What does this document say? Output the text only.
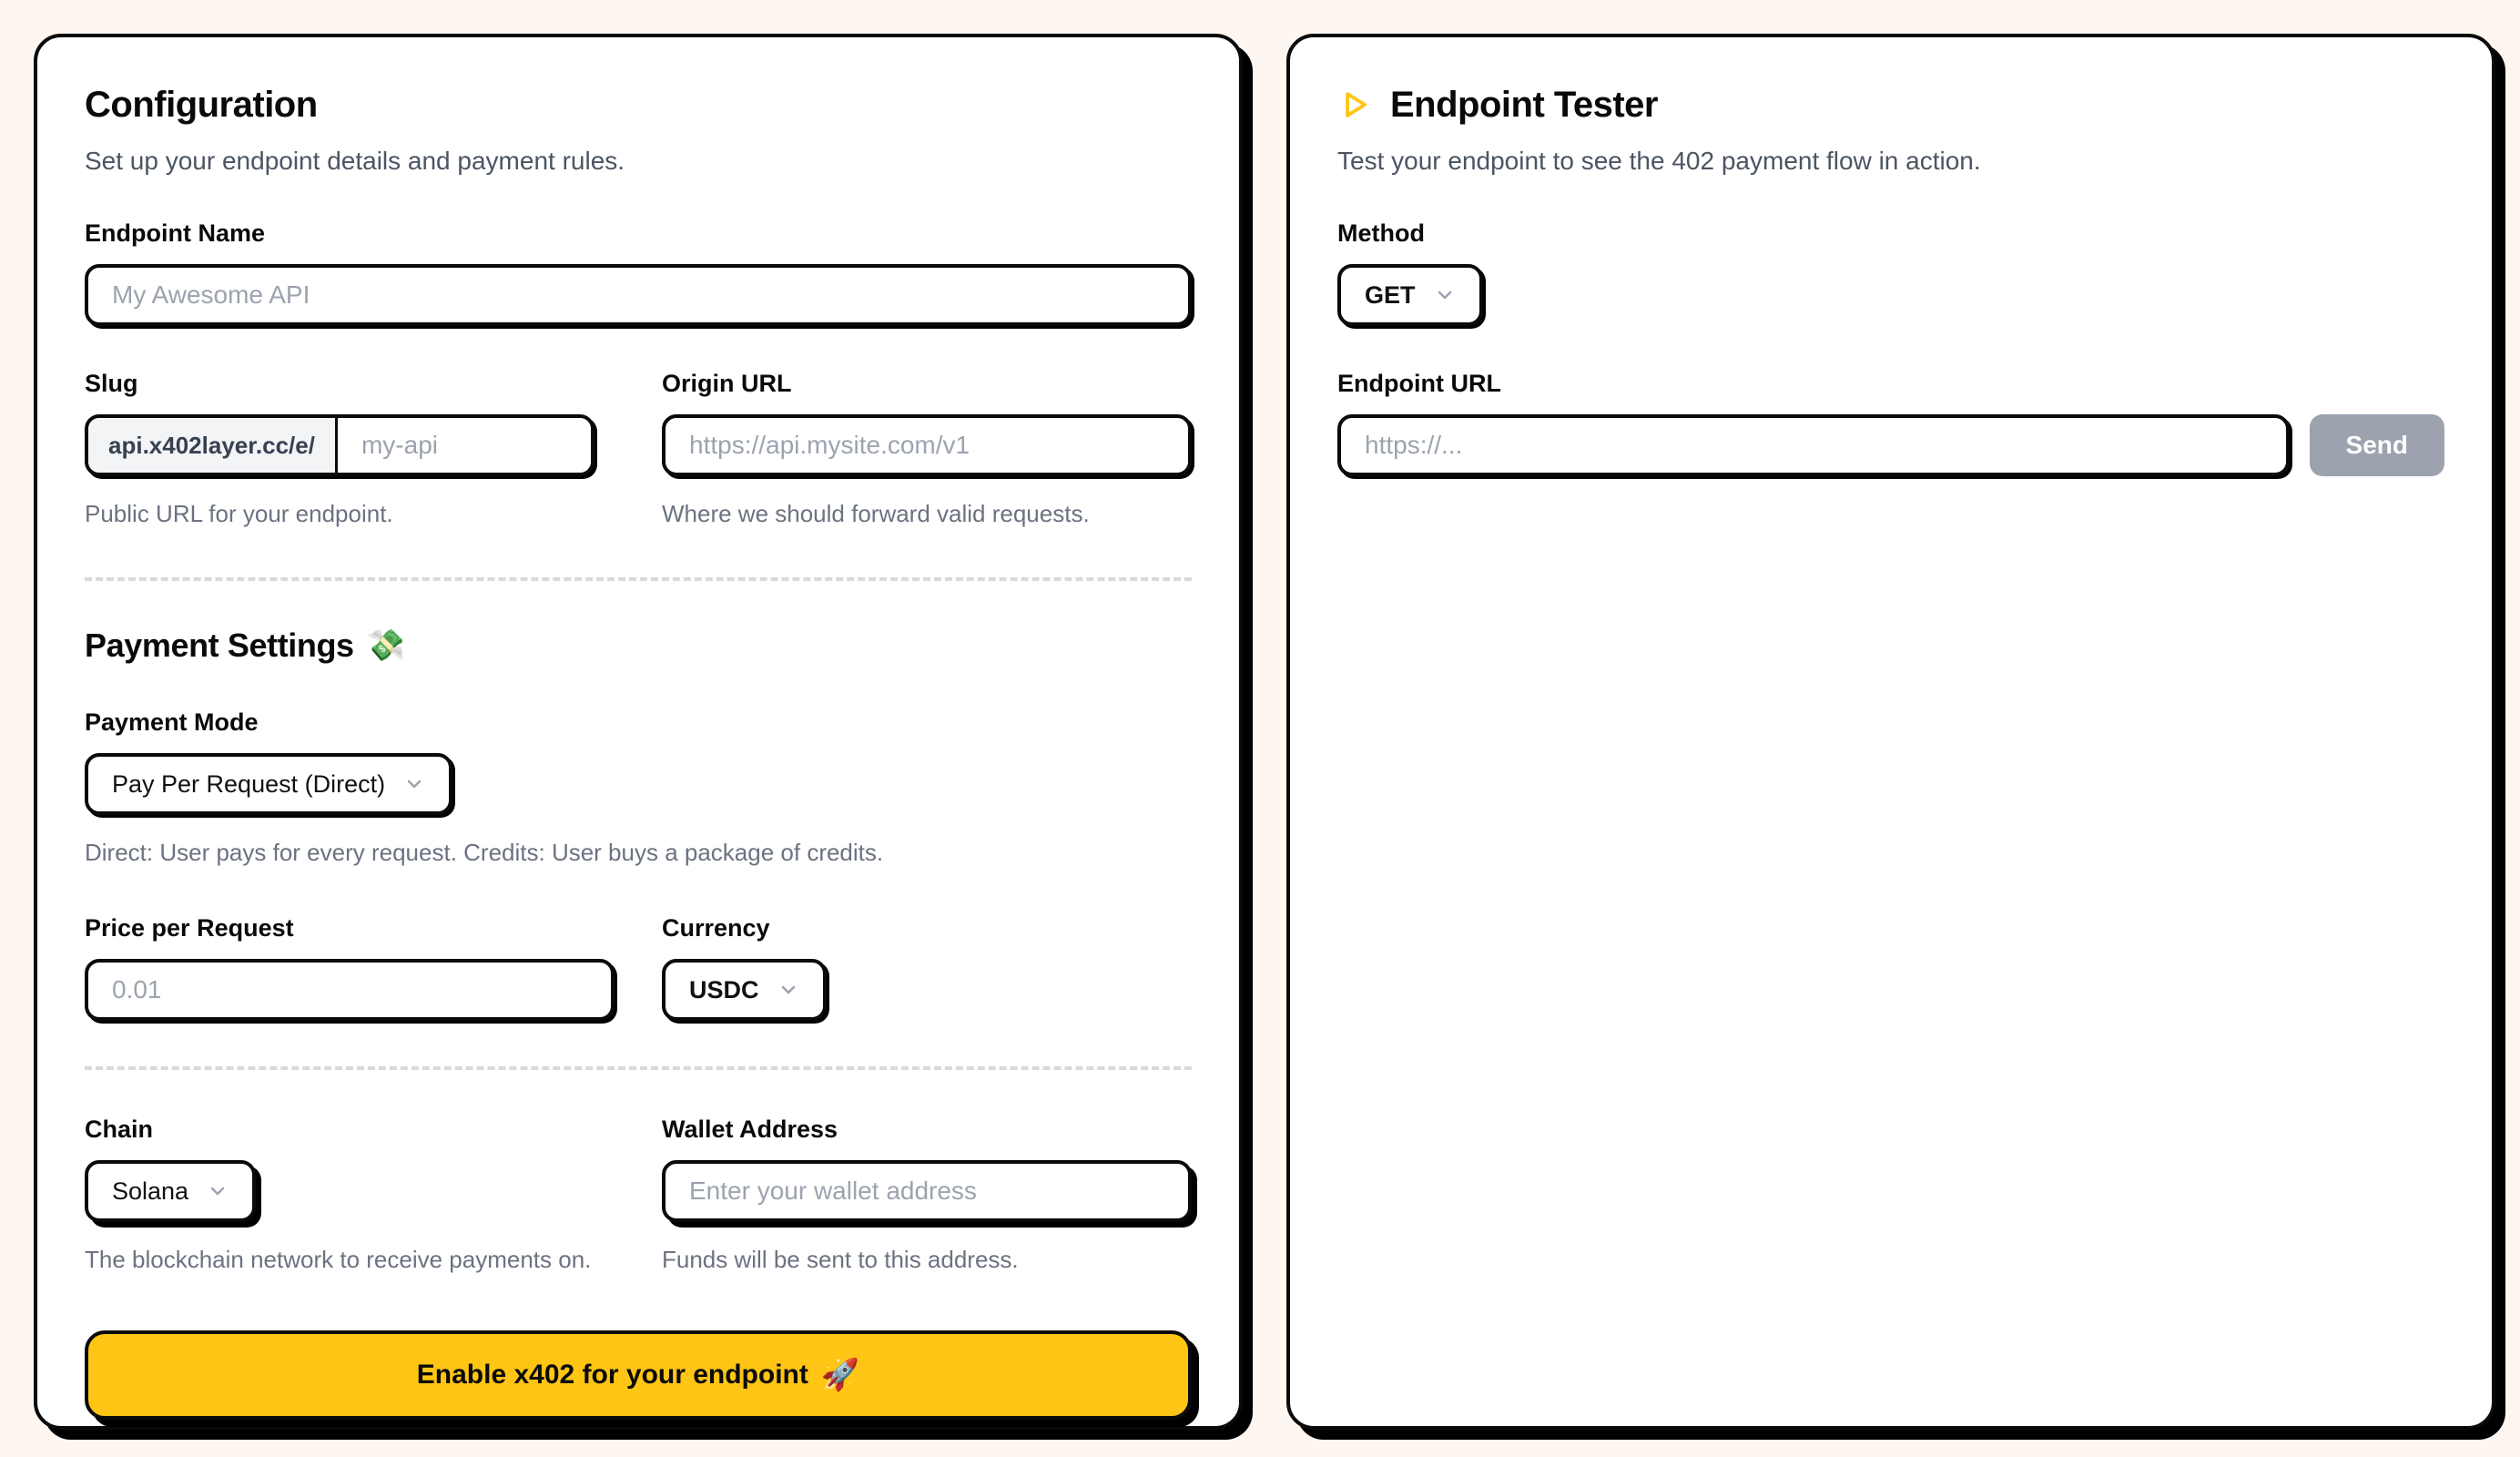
Configuration

Set up your endpoint details and payment rules.

Endpoint Name
My Awesome API
Slug
api.x402layer.cc/e/
my-api

Public URL for your endpoint.

Origin URL
https://api.mysite.com/v1

Where we should forward valid requests.

Payment Settings 💸
Payment Mode
Pay Per Request (Direct)

Direct: User pays for every request. Credits: User buys a package of credits.

Price per Request
0.01	Currency
USDC
Chain
Solana

The blockchain network to receive payments on.

Wallet Address
Enter your wallet address

Funds will be sent to this address.

Enable x402 for your endpoint 🚀
Endpoint Tester

Test your endpoint to see the 402 payment flow in action.

Method
GET
Endpoint URL
https://...
Send
